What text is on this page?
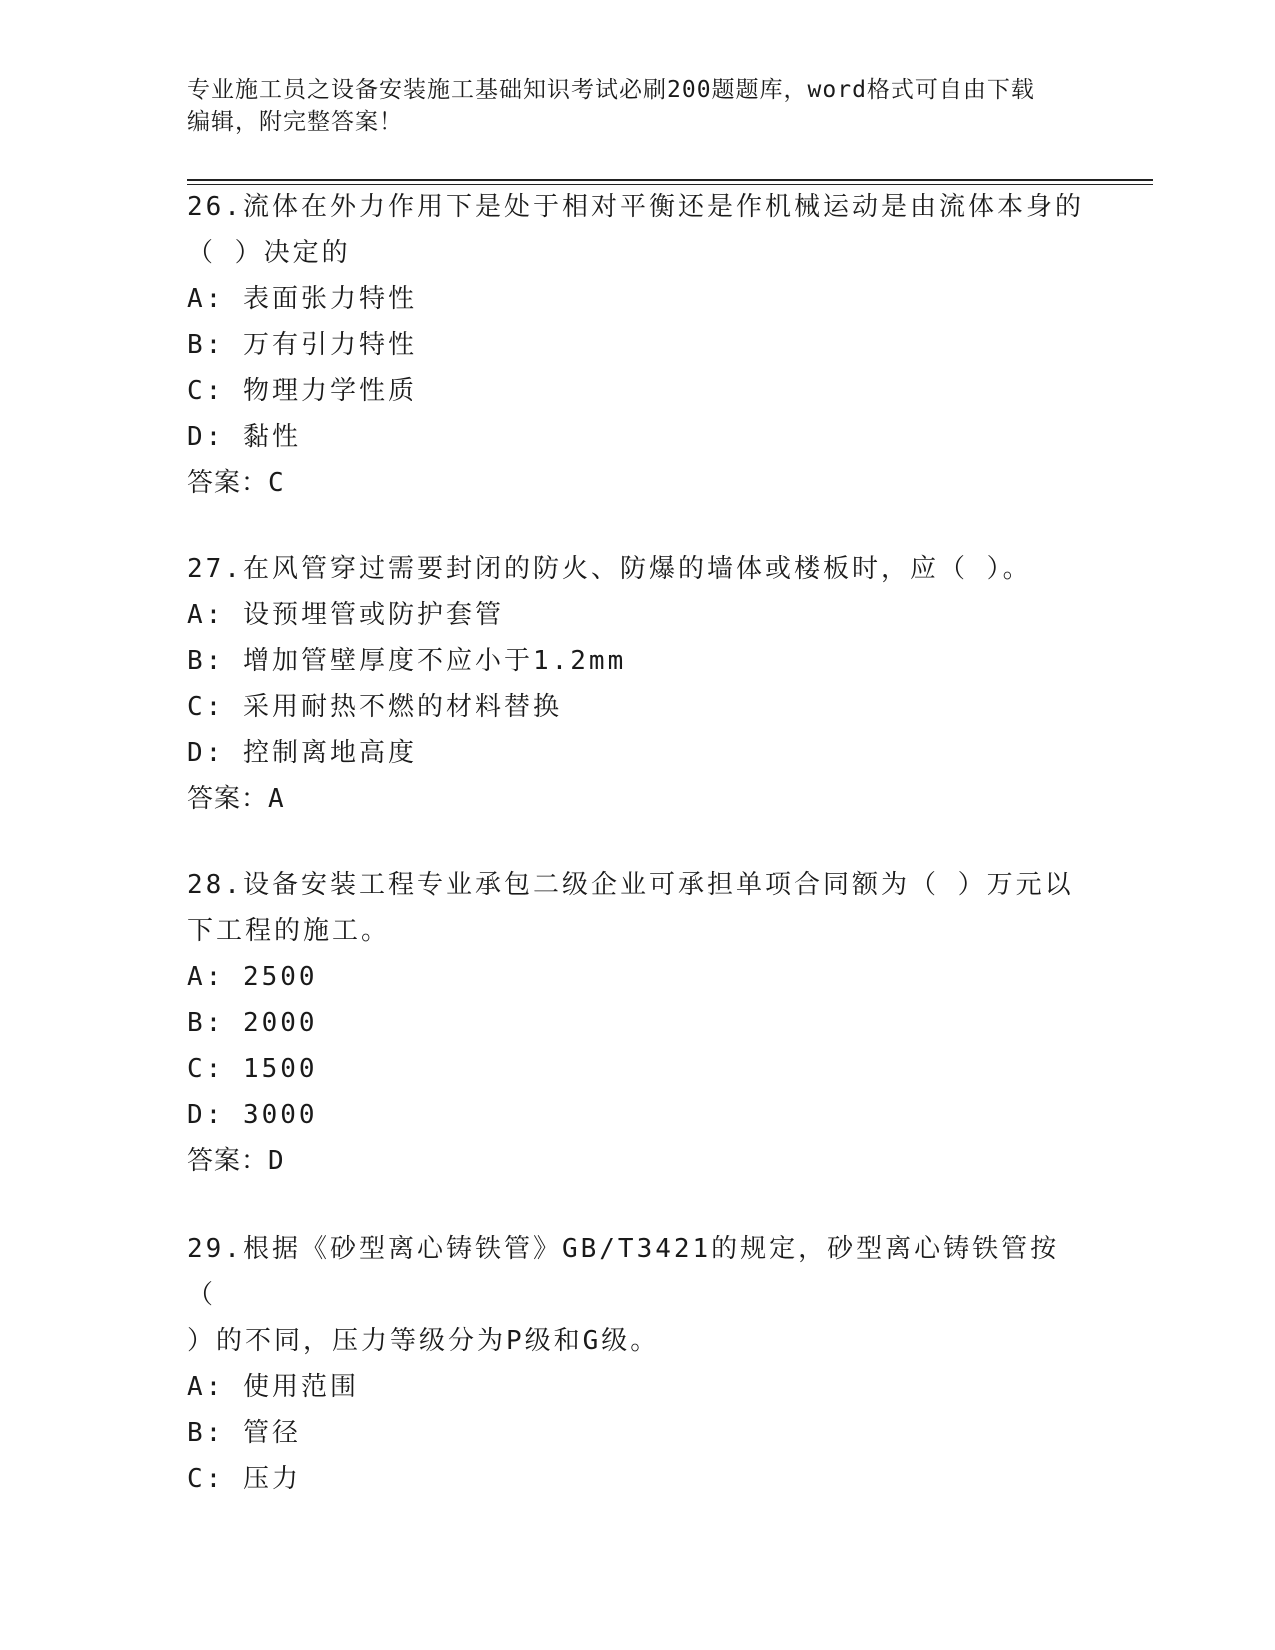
专业施工员之设备安装施工基础知识考试必刷200题题库，word格式可自由下载
编辑，附完整答案！

26.流体在外力作用下是处于相对平衡还是作机械运动是由流体本身的

（ ）决定的

A: 表面张力特性

B: 万有引力特性

C: 物理力学性质

D: 黏性

答案：C

27.在风管穿过需要封闭的防火、防爆的墙体或楼板时，应（ ）。

A: 设预埋管或防护套管

B: 增加管壁厚度不应小于1.2mm

C: 采用耐热不燃的材料替换

D: 控制离地高度

答案：A

28.设备安装工程专业承包二级企业可承担单项合同额为（ ）万元以

下工程的施工。

A: 2500

B: 2000

C: 1500

D: 3000

答案：D

29.根据《砂型离心铸铁管》GB/T3421的规定，砂型离心铸铁管按（

）的不同，压力等级分为P级和G级。

A: 使用范围

B: 管径

C: 压力
